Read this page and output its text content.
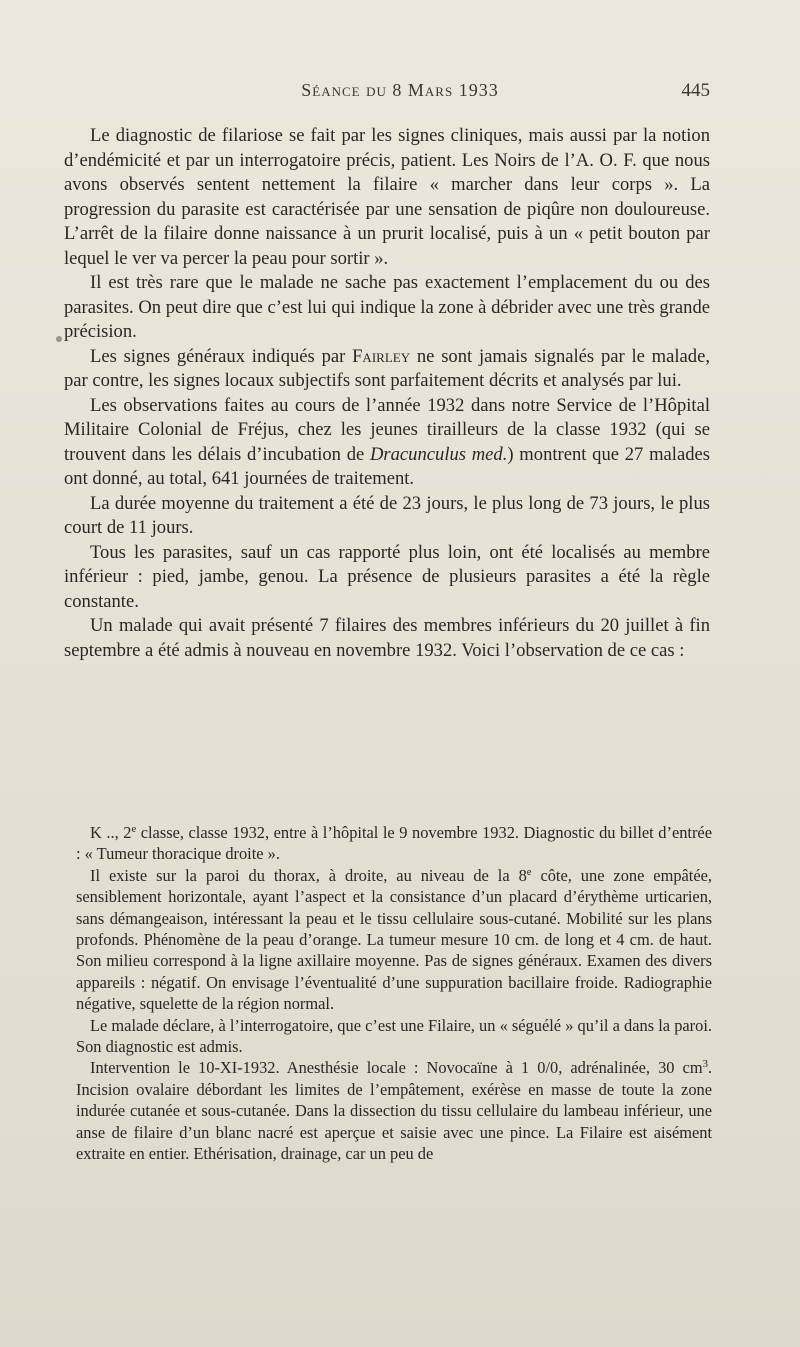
Séance du 8 Mars 1933	445

Le diagnostic de filariose se fait par les signes cliniques, mais aussi par la notion d’endémicité et par un interrogatoire précis, patient. Les Noirs de l’A. O. F. que nous avons observés sentent nettement la filaire « marcher dans leur corps ». La progression du parasite est caractérisée par une sensation de piqûre non douloureuse. L’arrêt de la filaire donne naissance à un prurit localisé, puis à un « petit bouton par lequel le ver va percer la peau pour sortir ».

Il est très rare que le malade ne sache pas exactement l’emplacement du ou des parasites. On peut dire que c’est lui qui indique la zone à débrider avec une très grande précision.

Les signes généraux indiqués par Fairley ne sont jamais signalés par le malade, par contre, les signes locaux subjectifs sont parfaitement décrits et analysés par lui.

Les observations faites au cours de l’année 1932 dans notre Service de l’Hôpital Militaire Colonial de Fréjus, chez les jeunes tirailleurs de la classe 1932 (qui se trouvent dans les délais d’incubation de Dracunculus med.) montrent que 27 malades ont donné, au total, 641 journées de traitement.

La durée moyenne du traitement a été de 23 jours, le plus long de 73 jours, le plus court de 11 jours.

Tous les parasites, sauf un cas rapporté plus loin, ont été localisés au membre inférieur : pied, jambe, genou. La présence de plusieurs parasites a été la règle constante.

Un malade qui avait présenté 7 filaires des membres inférieurs du 20 juillet à fin septembre a été admis à nouveau en novembre 1932. Voici l’observation de ce cas :

K .., 2e classe, classe 1932, entre à l’hôpital le 9 novembre 1932. Diagnostic du billet d’entrée : « Tumeur thoracique droite ».

Il existe sur la paroi du thorax, à droite, au niveau de la 8e côte, une zone empâtée, sensiblement horizontale, ayant l’aspect et la consistance d’un placard d’érythème urticarien, sans démangeaison, intéressant la peau et le tissu cellulaire sous-cutané. Mobilité sur les plans profonds. Phénomène de la peau d’orange. La tumeur mesure 10 cm. de long et 4 cm. de haut. Son milieu correspond à la ligne axillaire moyenne. Pas de signes généraux. Examen des divers appareils : négatif. On envisage l’éventualité d’une suppuration bacillaire froide. Radiographie négative, squelette de la région normal.

Le malade déclare, à l’interrogatoire, que c’est une Filaire, un « séguélé » qu’il a dans la paroi. Son diagnostic est admis.

Intervention le 10-XI-1932. Anesthésie locale : Novocaïne à 1 0/0, adrénalinée, 30 $cm^3$. Incision ovalaire débordant les limites de l’empâtement, exérèse en masse de toute la zone indurée cutanée et sous-cutanée. Dans la dissection du tissu cellulaire du lambeau inférieur, une anse de filaire d’un blanc nacré est aperçue et saisie avec une pince. La Filaire est aisément extraite en entier. Ethérisation, drainage, car un peu de
